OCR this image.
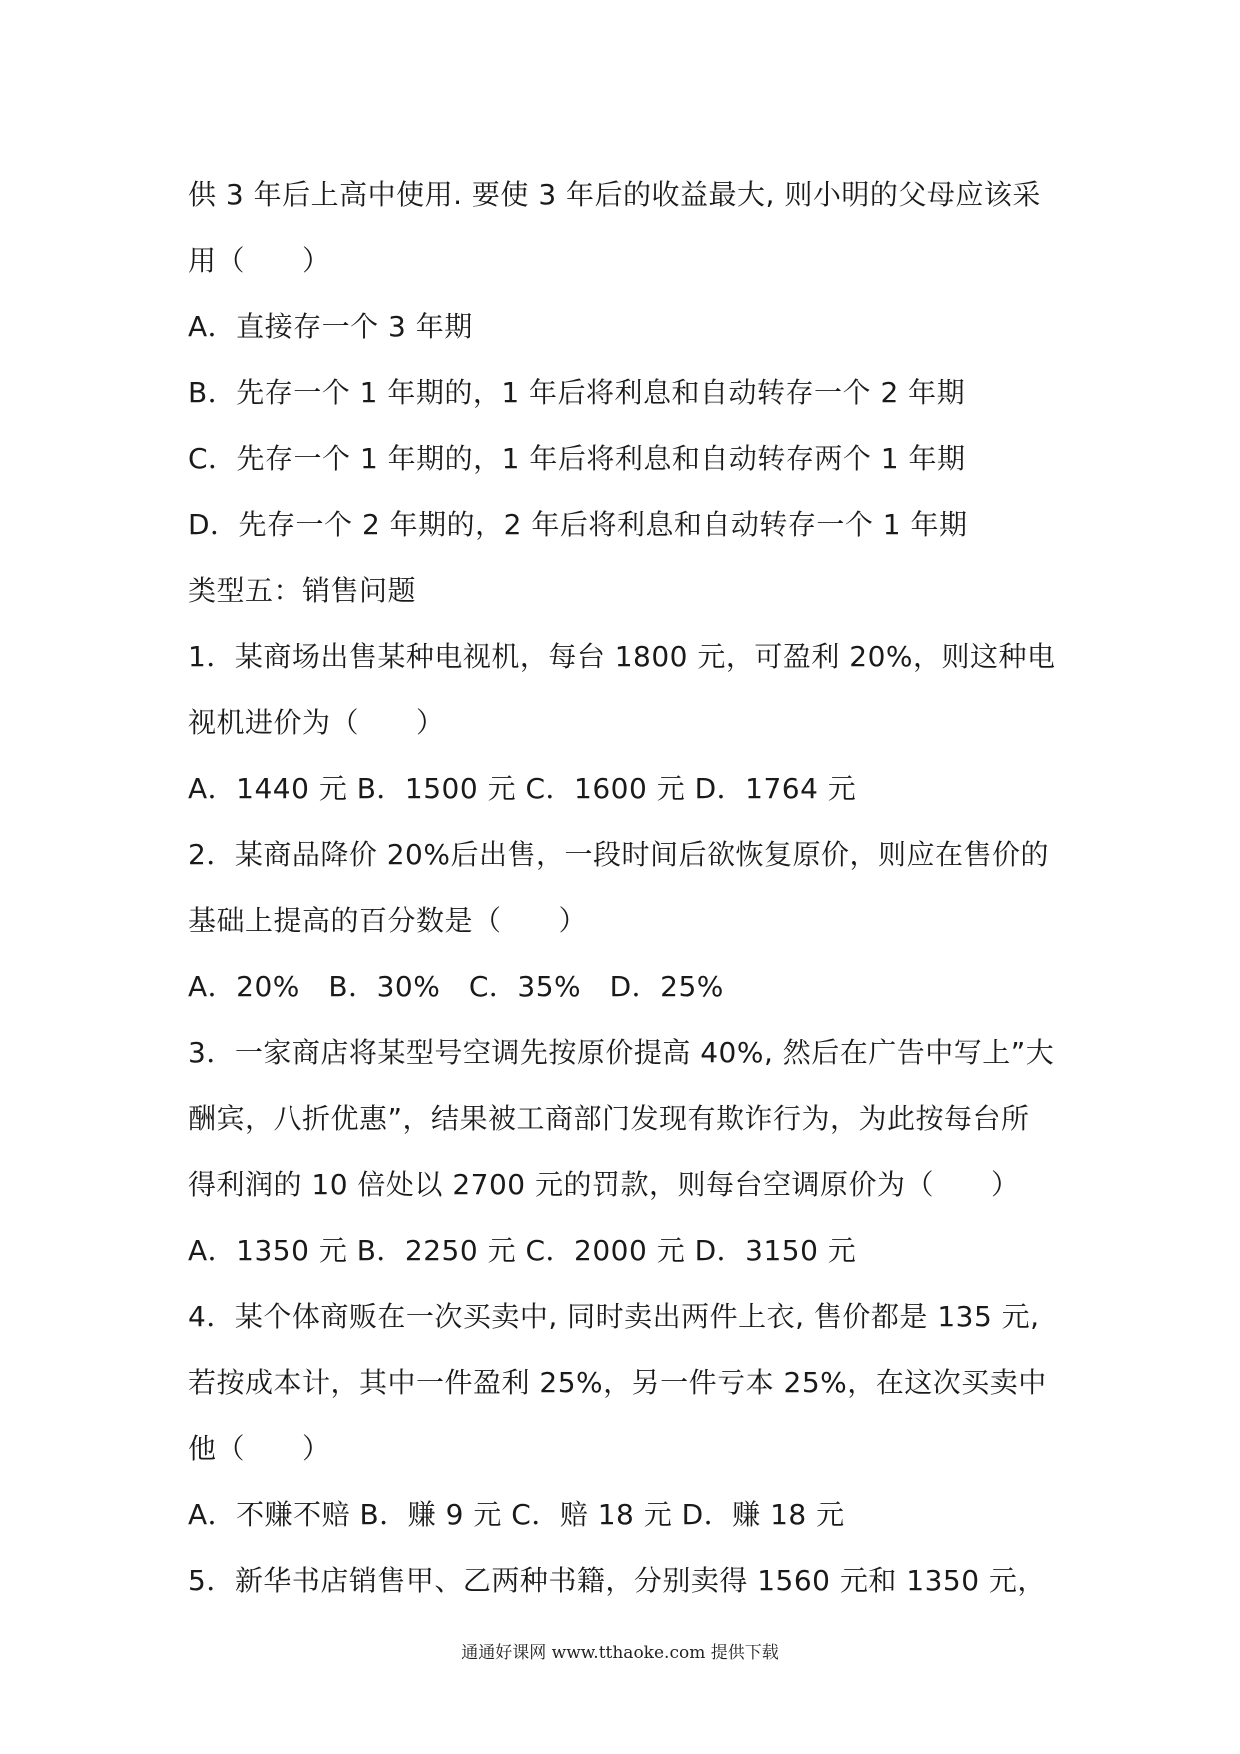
供 3 年后上高中使用. 要使 3 年后的收益最大, 则小明的父母应该采
用（　　）
A．直接存一个 3 年期
B．先存一个 1 年期的，1 年后将利息和自动转存一个 2 年期
C．先存一个 1 年期的，1 年后将利息和自动转存两个 1 年期
D．先存一个 2 年期的，2 年后将利息和自动转存一个 1 年期
类型五：销售问题
1．某商场出售某种电视机，每台 1800 元，可盈利 20%，则这种电
视机进价为（　　）
A．1440 元 B．1500 元 C．1600 元 D．1764 元
2．某商品降价 20%后出售，一段时间后欲恢复原价，则应在售价的
基础上提高的百分数是（　　）
A．20%　B．30%　C．35%　D．25%
3．一家商店将某型号空调先按原价提高 40%, 然后在广告中写上”大
酬宾，八折优惠”，结果被工商部门发现有欺诈行为，为此按每台所
得利润的 10 倍处以 2700 元的罚款，则每台空调原价为（　　）
A．1350 元 B．2250 元 C．2000 元 D．3150 元
4．某个体商贩在一次买卖中, 同时卖出两件上衣, 售价都是 135 元,
若按成本计，其中一件盈利 25%，另一件亏本 25%，在这次买卖中
他（　　）
A．不赚不赔 B．赚 9 元 C．赔 18 元 D．赚 18 元
5．新华书店销售甲、乙两种书籍，分别卖得 1560 元和 1350 元，
通通好课网 www.tthaoke.com 提供下载
